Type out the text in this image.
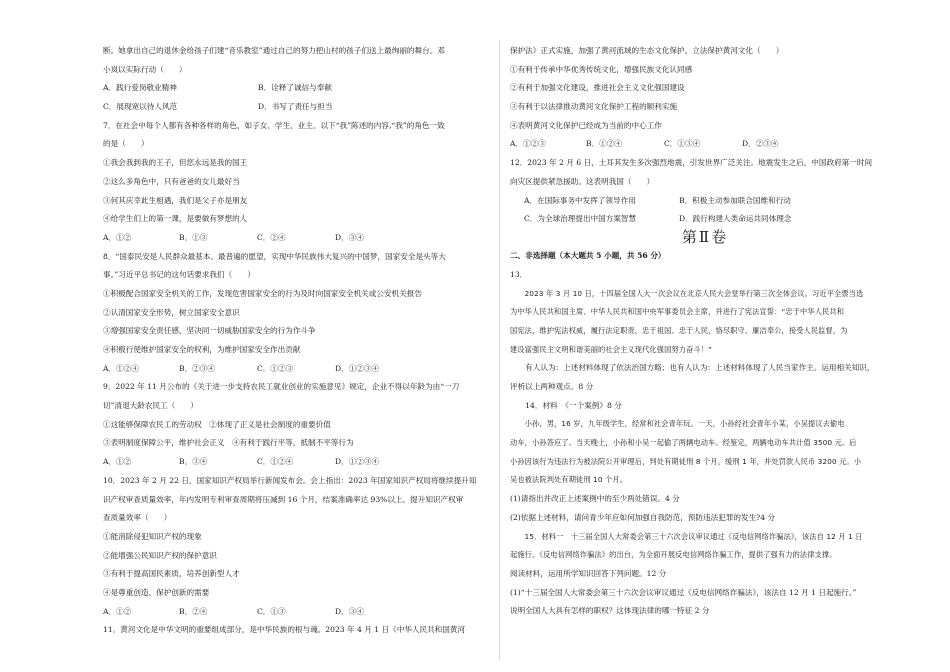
断。她拿出自己的退休金给孩子们建“音乐教室”通过自己的努力把山村的孩子们送上最绚丽的舞台。邓

小岚以实际行动（　　）

A．践行爱岗敬业精神	B．诠释了诚信与奉献
C．展现宽以待人风范	D．书写了责任与担当

7．在社会中每个人都有各种各样的角色，如子女、学生、业主。以下“我”陈述的内容,“我”的角色一致

的是（　　）

①我会我到我的王子，但您永远是我的国王

②这么多角色中，只有爸爸的女儿最好当

③何其庆幸此生相遇，我们是父子亦是朋友

④给学生们上的第一课，是要做有梦想的人

A．①②	B．①③	C．②④	D．③④

8．“国泰民安是人民群众最基本、最普遍的愿望，实现中华民族伟大复兴的中国梦，国家安全是头等大

事。”习近平总书记的这句话要求我们（　　）

①积极配合国家安全机关的工作，发现危害国家安全的行为及时向国家安全机关或公安机关报告

②认清国家安全形势，树立国家安全意识

③增强国家安全责任感，坚决同一切威胁国家安全的行为作斗争

④积极行使维护国家安全的权利，为维护国家安全作出贡献

A．①②④	B．②③④	C．①②③	D．①②③④

9．2022 年 11 月公布的《关于进一步支持农民工就业创业的实施意见》规定，企业不得以年龄为由“一刀

切”清退大龄农民工（　　）

①这能够保障农民工的劳动权　②体现了正义是社会制度的重要价值

③表明制度保障公平，维护社会正义　④有利于践行平等，抵制不平等行为

A．①②	B．③④	C．①②④	D．①②③④

10．2023 年 2 月 22 日，国家知识产权局举行新闻发布会。会上指出：2023 年国家知识产权局将继续提升知

识产权审查质量效率，年内发明专利审查周期将压减到 16 个月，结案准确率达 93%以上。提升知识产权审

查质量效率（　　）

①能消除侵犯知识产权的现象

②能增强公民知识产权的保护意识

③有利于提高国民素质，培养创新型人才

④是尊重创造、保护创新的需要

A．①②	B．②④	C．①③	D．③④

11．黄河文化是中华文明的重要组成部分，是中华民族的根与魂。2023 年 4 月 1 日《中华人民共和国黄河

保护法》正式实施，加强了黄河流域的生态文化保护。立法保护黄河文化（　　）

①有利于传承中华优秀传统文化，增强民族文化认同感

②有利于加强文化建设，推进社会主义文化强国建设

③有利于以法律推动黄河文化保护工程的顺利实施

④表明黄河文化保护已经成为当前的中心工作

A．①②③	B．①②④	C．①③④	D．②③④

12．2023 年 2 月 6 日，土耳其发生多次强烈地震，引发世界广泛关注。地震发生之后，中国政府第一时间

向灾区提供紧急援助。这表明我国（　　）

A．在国际事务中发挥了领导作用	B．积极主动参加联合国维和行动
C．为全球治理提出中国方案智慧	D．践行构建人类命运共同体理念
第Ⅱ卷

二、非选择题（本大题共 5 小题，共 56 分）

13．

　　2023 年 3 月 10 日，十四届全国人大一次会议在北京人民大会堂举行第三次全体会议。习近平全票当选

为中华人民共和国主席、中华人民共和国中央军事委员会主席，并进行了宪法宣誓：“忠于中华人民共和

国宪法，维护宪法权威，履行法定职责，忠于祖国、忠于人民，恪尽职守、廉洁奉公，接受人民监督，为

建设富强民主文明和谐美丽的社会主义现代化强国努力奋斗！”

　　有人认为：上述材料体现了依法治国方略；也有人认为：上述材料体现了人民当家作主。运用相关知识，

评析以上两种观点。8 分

　　14．材料　《一个案例》8 分

　　小孙，男，16 岁，九年级学生，经常和社会青年玩。一天，小孙经社会青年小某，小吴提议去偷电

动车，小孙答应了。当天晚上，小孙和小吴一起偷了两辆电动车。经鉴定，两辆电动车共计值 3500 元。后

小孙因该行为违法行为被法院公开审理后，判处有期徒刑 8 个月，缓刑 1 年，并处罚款人民币 3200 元。小

吴也被法院判处有期徒刑 10 个月。

(1)请指出并改正上述案例中的至少两处错误。4 分

(2)依据上述材料，请问青少年应如何加强自我防范，预防违法犯罪的发生?4 分

　　15．材料一　十三届全国人大常委会第三十六次会议审议通过《反电信网络诈骗法》，该法自 12 月 1 日

起施行。《反电信网络诈骗法》的出台，为全面开展反电信网络诈骗工作，提供了强有力的法律支撑。

阅读材料，运用所学知识回答下列问题。12 分

(1)“十三届全国人大常委会第三十六次会议审议通过《反电信网络诈骗法》，该法自 12 月 1 日起施行。”

说明全国人大具有怎样的职权？这体现法律的哪一特征 2 分
